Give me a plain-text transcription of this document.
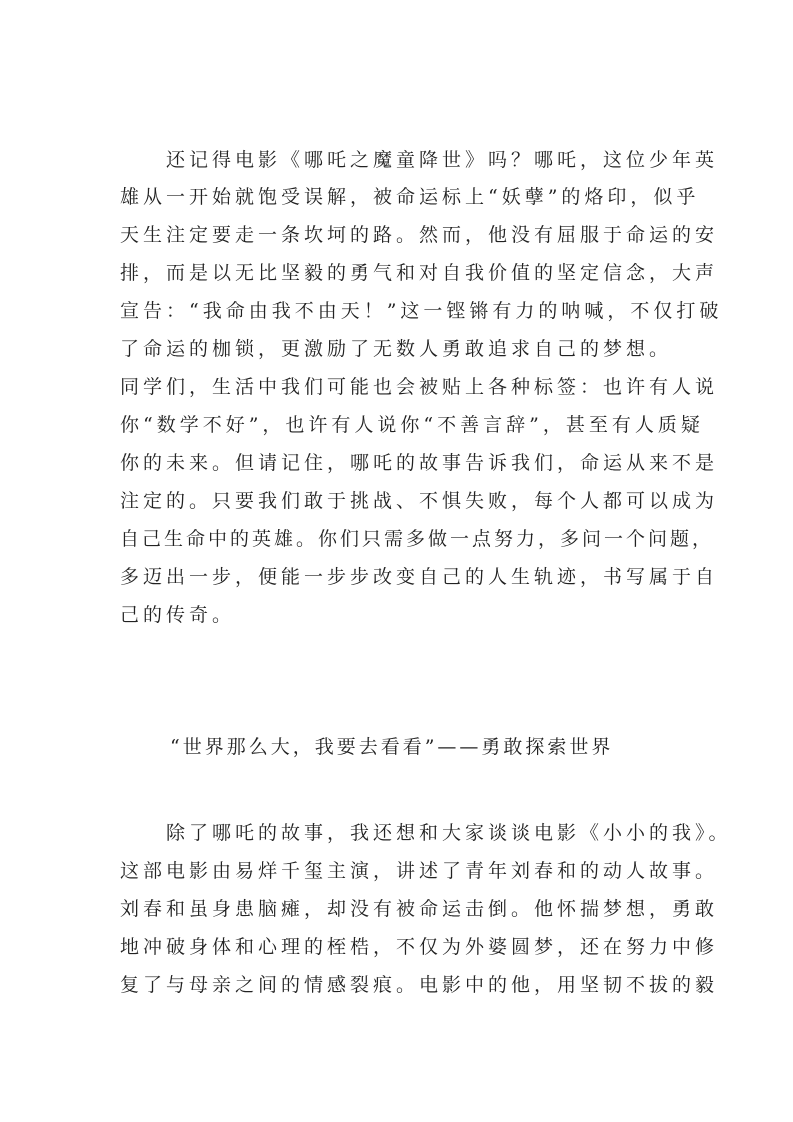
还记得电影《哪吒之魔童降世》吗？哪吒，这位少年英
雄从一开始就饱受误解，被命运标上“妖孽”的烙印，似乎
天生注定要走一条坎坷的路。然而，他没有屈服于命运的安
排，而是以无比坚毅的勇气和对自我价值的坚定信念，大声
宣告：“我命由我不由天！”这一铿锵有力的呐喊，不仅打破
了命运的枷锁，更激励了无数人勇敢追求自己的梦想。
同学们，生活中我们可能也会被贴上各种标签：也许有人说
你“数学不好”，也许有人说你“不善言辞”，甚至有人质疑
你的未来。但请记住，哪吒的故事告诉我们，命运从来不是
注定的。只要我们敢于挑战、不惧失败，每个人都可以成为
自己生命中的英雄。你们只需多做一点努力，多问一个问题，
多迈出一步，便能一步步改变自己的人生轨迹，书写属于自
己的传奇。
“世界那么大，我要去看看”——勇敢探索世界
除了哪吒的故事，我还想和大家谈谈电影《小小的我》。
这部电影由易烊千玺主演，讲述了青年刘春和的动人故事。
刘春和虽身患脑瘫，却没有被命运击倒。他怀揣梦想，勇敢
地冲破身体和心理的桎梏，不仅为外婆圆梦，还在努力中修
复了与母亲之间的情感裂痕。电影中的他，用坚韧不拔的毅
